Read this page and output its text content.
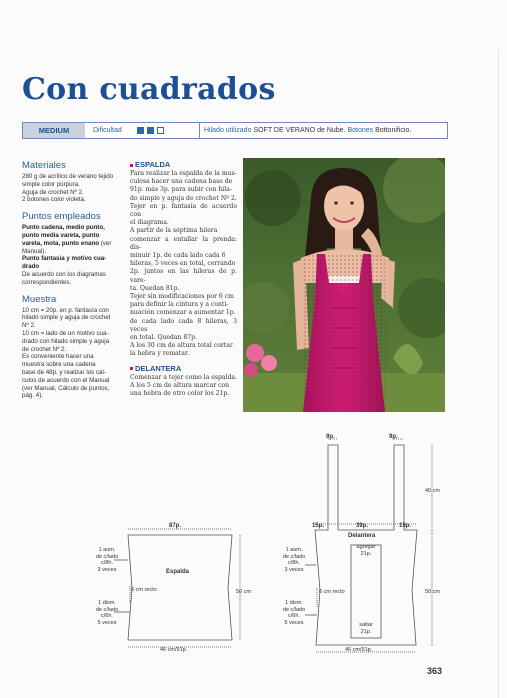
Con cuadrados
MEDIUM	Dificultad	Hilado utilizado SOFT DE VERANO de Nube. Botones Bottonificio.
Materiales
280 g de acrílico de verano tejido
simple color púrpura.
Aguja de crochet Nº 2.
2 botones color violeta.
Puntos empleados
Punto cadena, medio punto,
punto media vareta, punto
vareta, mota, punto enano (ver
Manual).
Punto fantasía y motivo cua-
drado
De acuerdo con los diagramas
correspondientes.
Muestra
10 cm = 20p. en p. fantasía con
hilado simple y aguja de crochet
Nº 2.
10 cm = lado de un motivo cua-
drado con hilado simple y aguja
de crochet Nº 2.
Es conveniente hacer una
muestra sobre una cadena
base de 48p. y realizar los cál-
culos de acuerdo con el Manual
(ver Manual, Cálculo de puntos,
pág. 4).
ESPALDA
Para realizar la espalda de la mus-
culosa hacer una cadena base de
91p. más 3p. para subir con hila-
do simple y aguja de crochet Nº 2.
Tejer en p. fantasía de acuerdo con
el diagrama.
A partir de la séptima hilera
comenzar a entallar la prenda: dis-
minuir 1p. de cada lado cada 6
hileras, 5 veces en total, cerrando
2p. juntos en las hileras de p. vare-
ta. Quedan 81p.
Tejer sin modificaciones por 6 cm
para definir la cintura y a conti-
nuación comenzar a aumentar 1p.
de cada lado cada 8 hileras, 3 veces
en total. Quedan 87p.
A los 30 cm de altura total cortar
la hebra y rematar.
DELANTERA
Comenzar a tejer como la espalda.
A los 5 cm de altura marcar con
una hebra de otro color los 21p.
87p.
Espalda
6 cm recto	50 cm
46 cm/91p.
1 aum.
de c/lado
c/8h.
3 veces
1 dism.
de c/lado
c/6h.
5 veces
9p.	9p.
15p.	39p.	15p.
Delantera
agregar
21p.
saltar
21p.
40 cm
50 cm
6 cm recto
46 cm/91p.
1 aum.
de c/lado
c/8h.
3 veces
1 dism.
de c/lado
c/6h.
5 veces
363
